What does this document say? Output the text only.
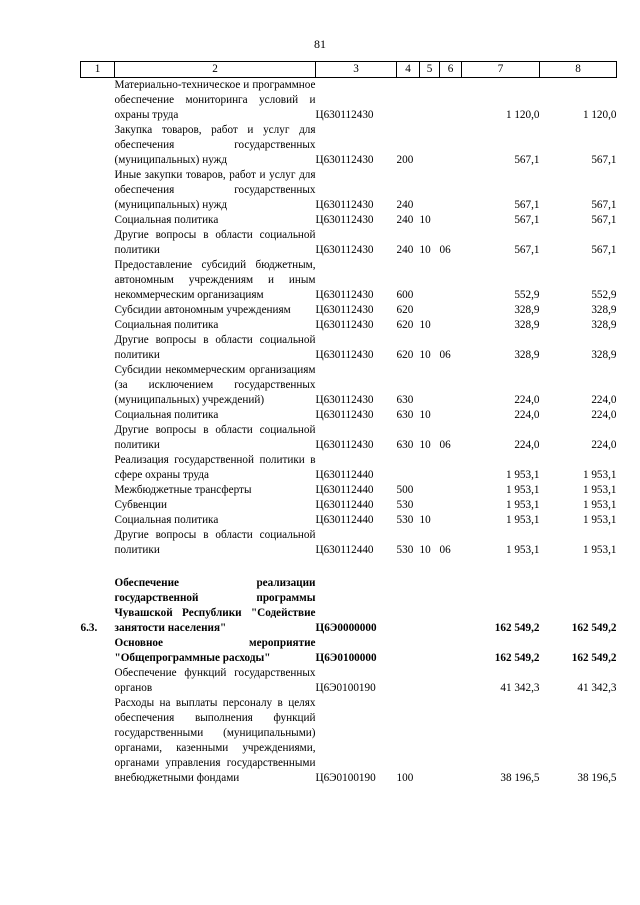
81
1	2	3	4	5	6	7	8
	Материально-техническое и программное обеспечение мониторинга условий и охраны труда	Ц630112430				1 120,0	1 120,0
	Закупка товаров, работ и услуг для обеспечения государственных (муниципальных) нужд	Ц630112430	200			567,1	567,1
	Иные закупки товаров, работ и услуг для обеспечения государственных (муниципальных) нужд	Ц630112430	240			567,1	567,1
	Социальная политика	Ц630112430	240	10		567,1	567,1
	Другие вопросы в области социальной политики	Ц630112430	240	10	06	567,1	567,1
	Предоставление субсидий бюджетным, автономным учреждениям и иным некоммерческим организациям	Ц630112430	600			552,9	552,9
	Субсидии автономным учреждениям	Ц630112430	620			328,9	328,9
	Социальная политика	Ц630112430	620	10		328,9	328,9
	Другие вопросы в области социальной политики	Ц630112430	620	10	06	328,9	328,9
	Субсидии некоммерческим организациям (за исключением государственных (муниципальных) учреждений)	Ц630112430	630			224,0	224,0
	Социальная политика	Ц630112430	630	10		224,0	224,0
	Другие вопросы в области социальной политики	Ц630112430	630	10	06	224,0	224,0
	Реализация государственной политики в сфере охраны труда	Ц630112440				1 953,1	1 953,1
	Межбюджетные трансферты	Ц630112440	500			1 953,1	1 953,1
	Субвенции	Ц630112440	530			1 953,1	1 953,1
	Социальная политика	Ц630112440	530	10		1 953,1	1 953,1
	Другие вопросы в области социальной политики	Ц630112440	530	10	06	1 953,1	1 953,1

6.3.	Обеспечение реализации государственной программы Чувашской Республики "Содействие занятости населения"	Ц6Э0000000				162 549,2	162 549,2
	Основное мероприятие "Общепрограммные расходы"	Ц6Э0100000				162 549,2	162 549,2
	Обеспечение функций государственных органов	Ц6Э0100190				41 342,3	41 342,3
	Расходы на выплаты персоналу в целях обеспечения выполнения функций государственными (муниципальными) органами, казенными учреждениями, органами управления государственными внебюджетными фондами	Ц6Э0100190	100			38 196,5	38 196,5
